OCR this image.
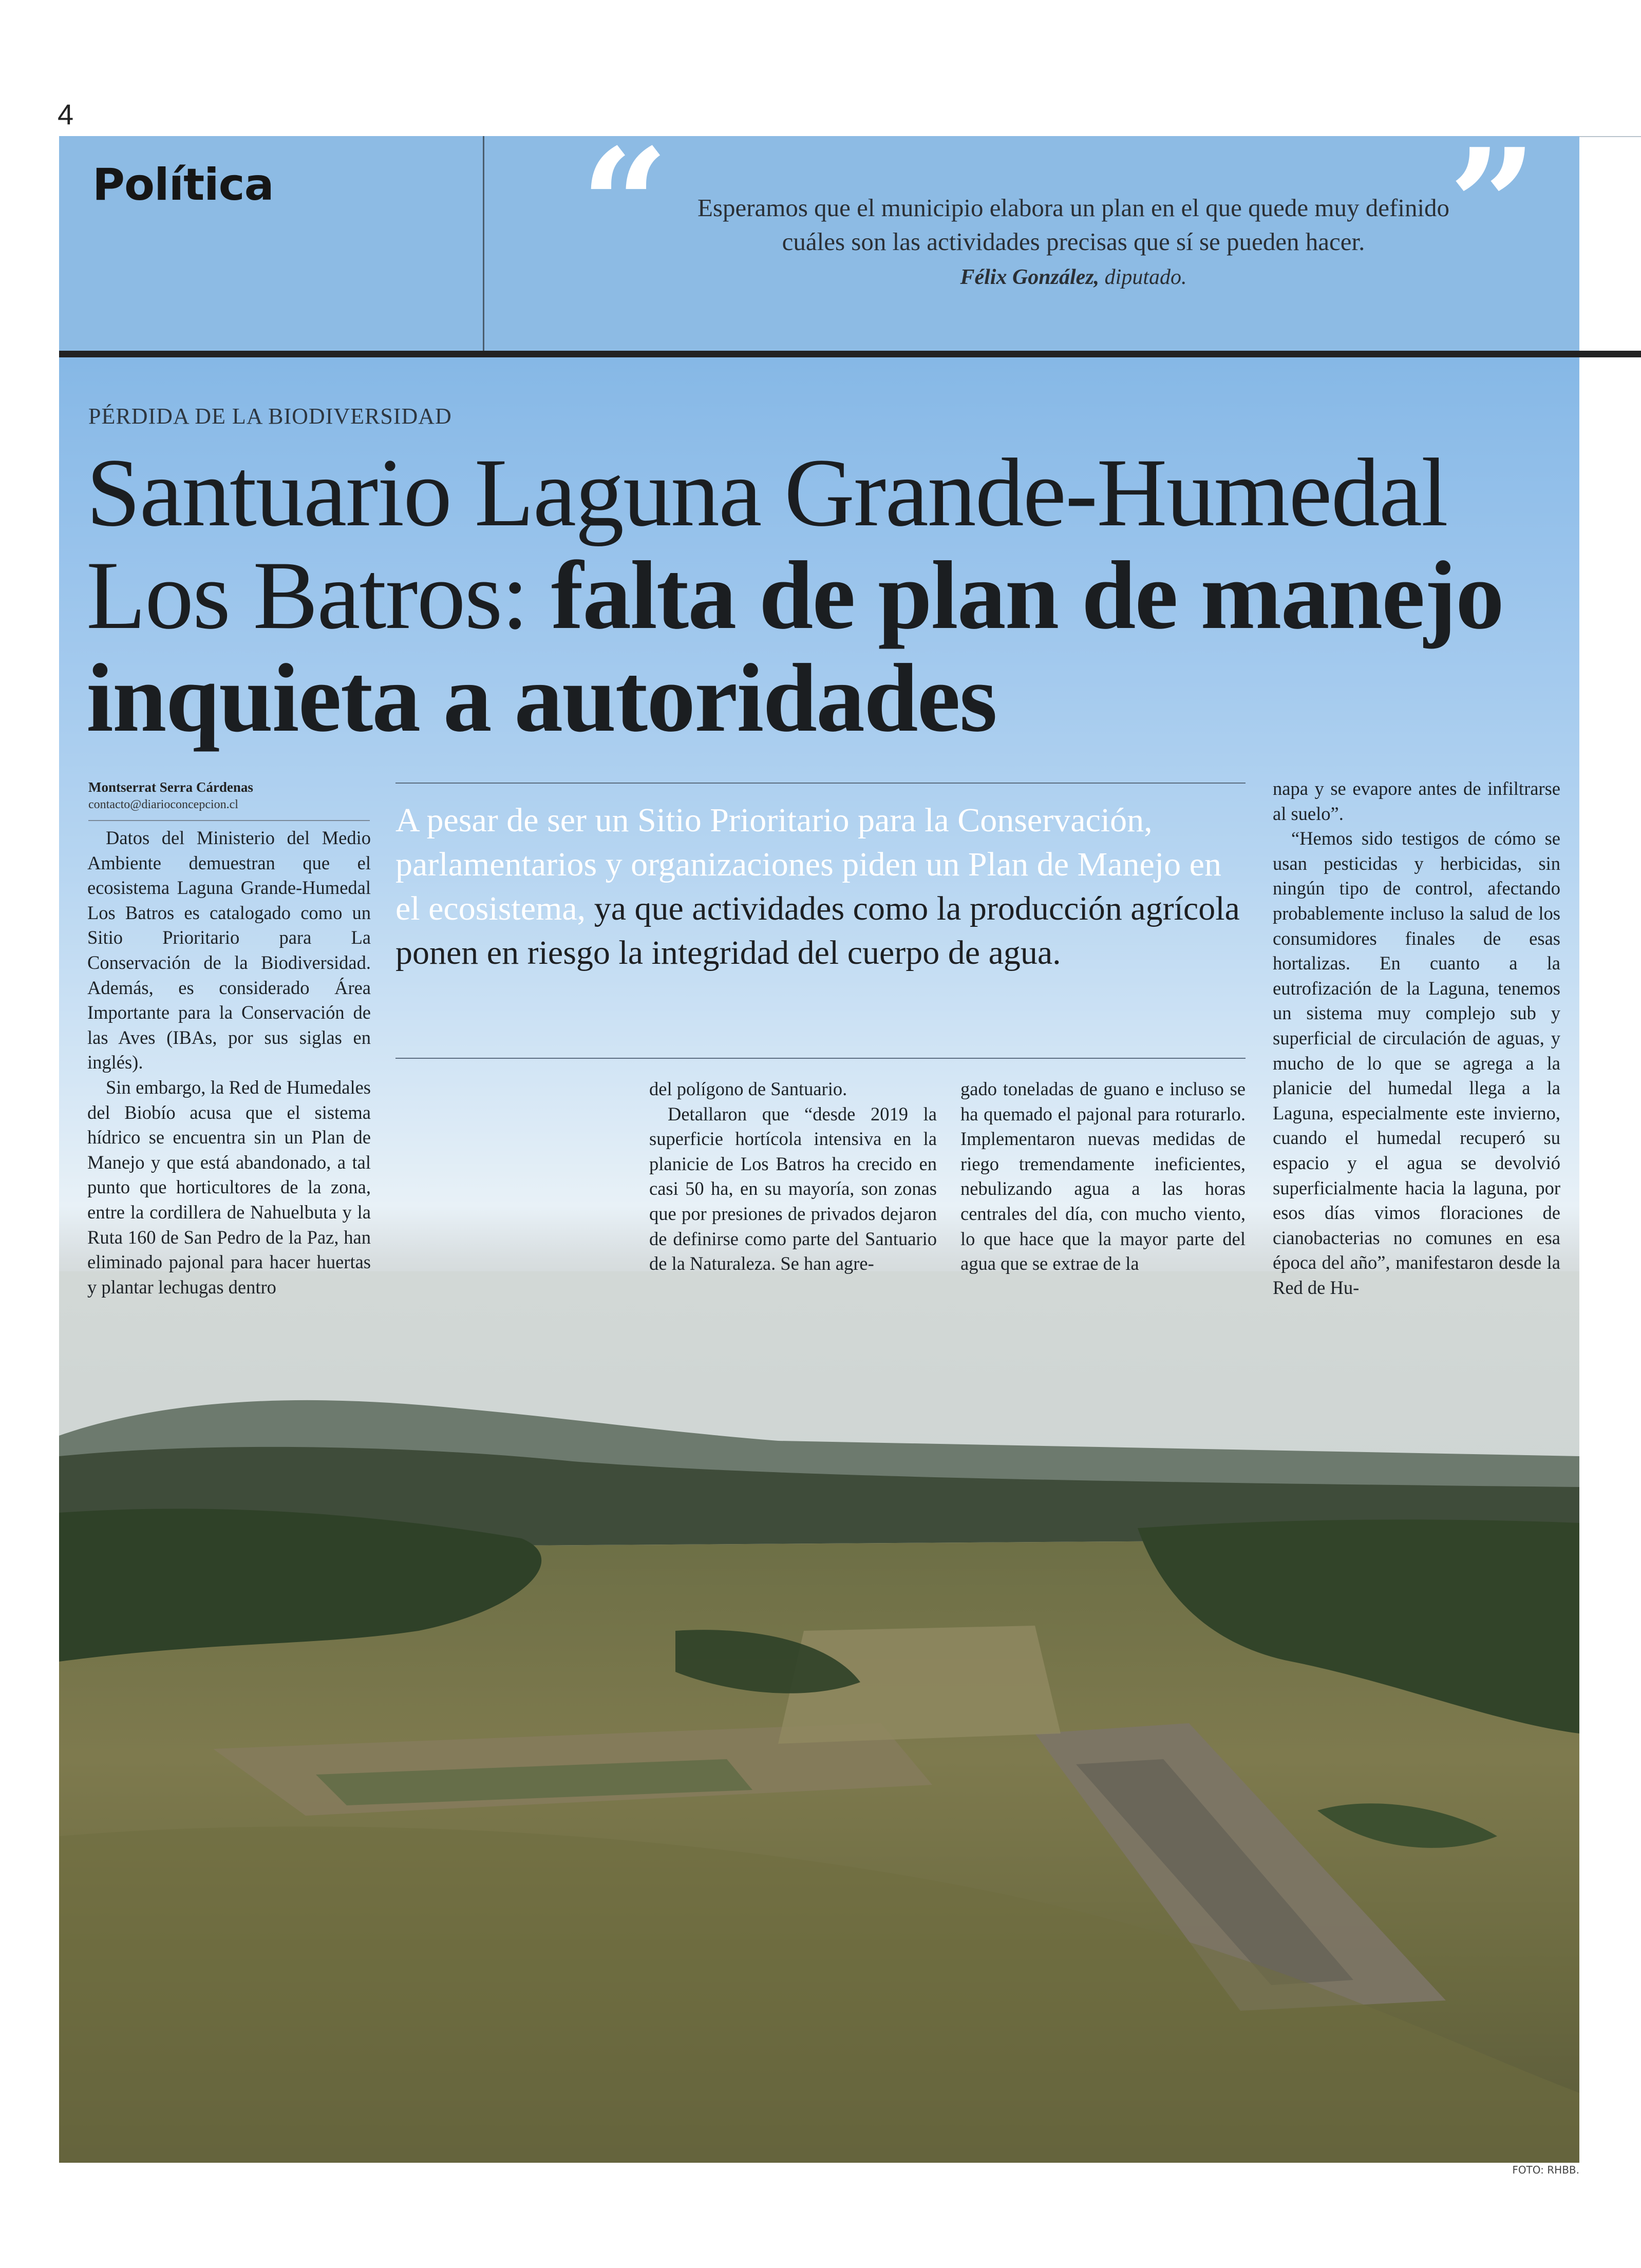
4
Política “	”
Esperamos que el municipio elabora un plan en el que quede muy definido cuáles son las actividades precisas que sí se pueden hacer.
Félix González, diputado.
PÉRDIDA DE LA BIODIVERSIDAD
Santuario Laguna Grande-Humedal Los Batros: falta de plan de manejo inquieta a autoridades
Montserrat Serra Cárdenas
contacto@diarioconcepcion.cl

Datos del Ministerio del Medio Ambiente demuestran que el ecosistema Laguna Grande-Humedal Los Batros es catalogado como un Sitio Prioritario para La Conservación de la Biodiversidad. Además, es considerado Área Importante para la Conservación de las Aves (IBAs, por sus siglas en inglés).

Sin embargo, la Red de Humedales del Biobío acusa que el sistema hídrico se encuentra sin un Plan de Manejo y que está abandonado, a tal punto que horticultores de la zona, entre la cordillera de Nahuelbuta y la Ruta 160 de San Pedro de la Paz, han eliminado pajonal para hacer huertas y plantar lechugas dentro

A pesar de ser un Sitio Prioritario para la Conservación, parlamentarios y organizaciones piden un Plan de Manejo en el ecosistema, ya que actividades como la producción agrícola ponen en riesgo la integridad del cuerpo de agua.

del polígono de Santuario.

Detallaron que “desde 2019 la superficie hortícola intensiva en la planicie de Los Batros ha crecido en casi 50 ha, en su mayoría, son zonas que por presiones de privados dejaron de definirse como parte del Santuario de la Naturaleza. Se han agre-

gado toneladas de guano e incluso se ha quemado el pajonal para roturarlo. Implementaron nuevas medidas de riego tremendamente ineficientes, nebulizando agua a las horas centrales del día, con mucho viento, lo que hace que la mayor parte del agua que se extrae de la

napa y se evapore antes de infiltrarse al suelo”.

“Hemos sido testigos de cómo se usan pesticidas y herbicidas, sin ningún tipo de control, afectando probablemente incluso la salud de los consumidores finales de esas hortalizas. En cuanto a la eutrofización de la Laguna, tenemos un sistema muy complejo sub y superficial de circulación de aguas, y mucho de lo que se agrega a la planicie del humedal llega a la Laguna, especialmente este invierno, cuando el humedal recuperó su espacio y el agua se devolvió superficialmente hacia la laguna, por esos días vimos floraciones de cianobacterias no comunes en esa época del año”, manifestaron desde la Red de Hu-

FOTO: RHBB.
